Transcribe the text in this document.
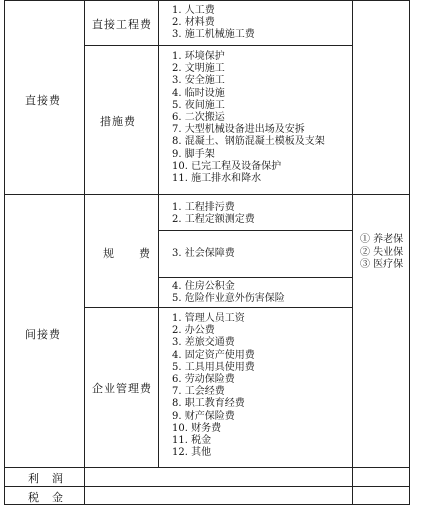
直接费
间接费
利　润
税　金
直接工程费
措施费
规　　费
企业管理费
1. 人工费
2. 材料费
3. 施工机械施工费
1. 环境保护
2. 文明施工
3. 安全施工
4. 临时设施
5. 夜间施工
6. 二次搬运
7. 大型机械设备进出场及安拆
8. 混凝土、钢筋混凝土模板及支架
9. 脚手架
10. 已完工程及设备保护
11. 施工排水和降水
1. 工程排污费
2. 工程定额测定费
3. 社会保障费
4. 住房公积金
5. 危险作业意外伤害保险
1. 管理人员工资
2. 办公费
3. 差旅交通费
4. 固定资产使用费
5. 工具用具使用费
6. 劳动保险费
7. 工会经费
8. 职工教育经费
9. 财产保险费
10. 财务费
11. 税金
12. 其他
① 养老保
② 失业保
③ 医疗保
